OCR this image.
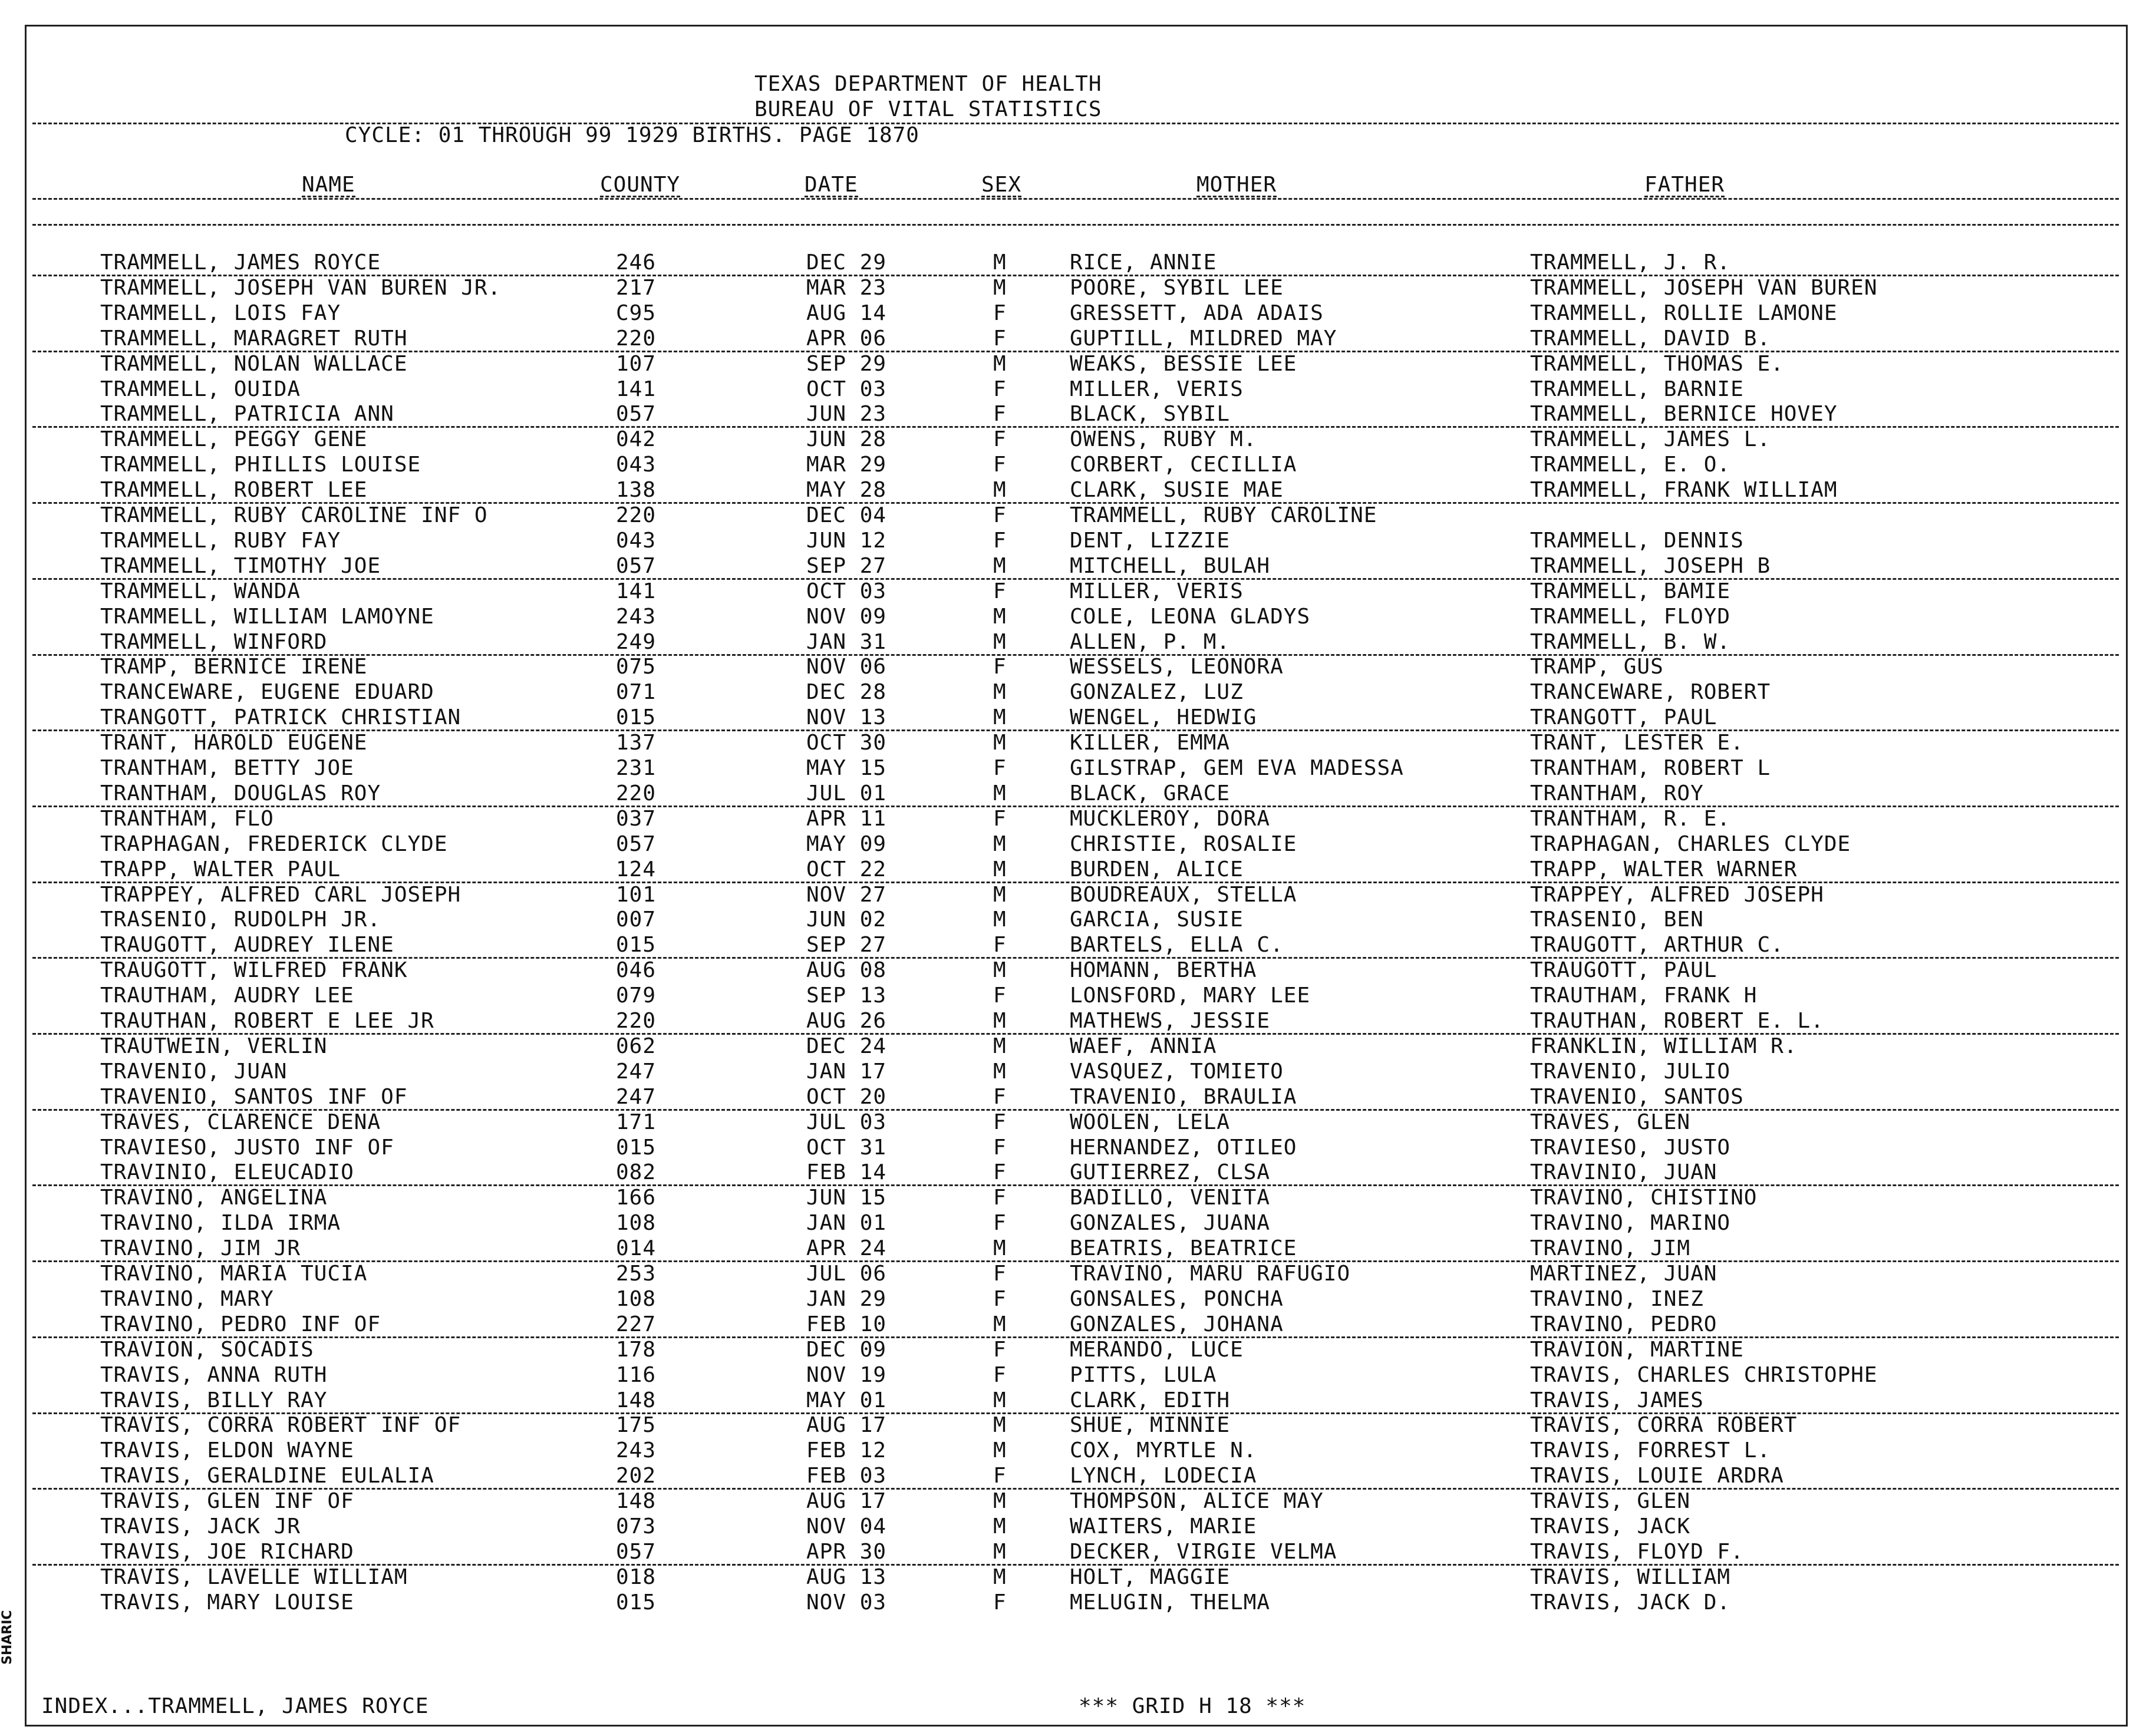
TEXAS DEPARTMENT OF HEALTH
BUREAU OF VITAL STATISTICS
CYCLE: 01 THROUGH 99 1929 BIRTHS. PAGE 1870
NAME	COUNTY	DATE	SEX	MOTHER	FATHER
TRAMMELL, JAMES ROYCE	246	DEC 29	M	RICE, ANNIE	TRAMMELL, J. R.
TRAMMELL, JOSEPH VAN BUREN JR.	217	MAR 23	M	POORE, SYBIL LEE	TRAMMELL, JOSEPH VAN BUREN
TRAMMELL, LOIS FAY	C95	AUG 14	F	GRESSETT, ADA ADAIS	TRAMMELL, ROLLIE LAMONE
TRAMMELL, MARAGRET RUTH	220	APR 06	F	GUPTILL, MILDRED MAY	TRAMMELL, DAVID B.
TRAMMELL, NOLAN WALLACE	107	SEP 29	M	WEAKS, BESSIE LEE	TRAMMELL, THOMAS E.
TRAMMELL, OUIDA	141	OCT 03	F	MILLER, VERIS	TRAMMELL, BARNIE
TRAMMELL, PATRICIA ANN	057	JUN 23	F	BLACK, SYBIL	TRAMMELL, BERNICE HOVEY
TRAMMELL, PEGGY GENE	042	JUN 28	F	OWENS, RUBY M.	TRAMMELL, JAMES L.
TRAMMELL, PHILLIS LOUISE	043	MAR 29	F	CORBERT, CECILLIA	TRAMMELL, E. O.
TRAMMELL, ROBERT LEE	138	MAY 28	M	CLARK, SUSIE MAE	TRAMMELL, FRANK WILLIAM
TRAMMELL, RUBY CAROLINE INF O	220	DEC 04	F	TRAMMELL, RUBY CAROLINE
TRAMMELL, RUBY FAY	043	JUN 12	F	DENT, LIZZIE	TRAMMELL, DENNIS
TRAMMELL, TIMOTHY JOE	057	SEP 27	M	MITCHELL, BULAH	TRAMMELL, JOSEPH B
TRAMMELL, WANDA	141	OCT 03	F	MILLER, VERIS	TRAMMELL, BAMIE
TRAMMELL, WILLIAM LAMOYNE	243	NOV 09	M	COLE, LEONA GLADYS	TRAMMELL, FLOYD
TRAMMELL, WINFORD	249	JAN 31	M	ALLEN, P. M.	TRAMMELL, B. W.
TRAMP, BERNICE IRENE	075	NOV 06	F	WESSELS, LEONORA	TRAMP, GUS
TRANCEWARE, EUGENE EDUARD	071	DEC 28	M	GONZALEZ, LUZ	TRANCEWARE, ROBERT
TRANGOTT, PATRICK CHRISTIAN	015	NOV 13	M	WENGEL, HEDWIG	TRANGOTT, PAUL
TRANT, HAROLD EUGENE	137	OCT 30	M	KILLER, EMMA	TRANT, LESTER E.
TRANTHAM, BETTY JOE	231	MAY 15	F	GILSTRAP, GEM EVA MADESSA	TRANTHAM, ROBERT L
TRANTHAM, DOUGLAS ROY	220	JUL 01	M	BLACK, GRACE	TRANTHAM, ROY
TRANTHAM, FLO	037	APR 11	F	MUCKLEROY, DORA	TRANTHAM, R. E.
TRAPHAGAN, FREDERICK CLYDE	057	MAY 09	M	CHRISTIE, ROSALIE	TRAPHAGAN, CHARLES CLYDE
TRAPP, WALTER PAUL	124	OCT 22	M	BURDEN, ALICE	TRAPP, WALTER WARNER
TRAPPEY, ALFRED CARL JOSEPH	101	NOV 27	M	BOUDREAUX, STELLA	TRAPPEY, ALFRED JOSEPH
TRASENIO, RUDOLPH JR.	007	JUN 02	M	GARCIA, SUSIE	TRASENIO, BEN
TRAUGOTT, AUDREY ILENE	015	SEP 27	F	BARTELS, ELLA C.	TRAUGOTT, ARTHUR C.
TRAUGOTT, WILFRED FRANK	046	AUG 08	M	HOMANN, BERTHA	TRAUGOTT, PAUL
TRAUTHAM, AUDRY LEE	079	SEP 13	F	LONSFORD, MARY LEE	TRAUTHAM, FRANK H
TRAUTHAN, ROBERT E LEE JR	220	AUG 26	M	MATHEWS, JESSIE	TRAUTHAN, ROBERT E. L.
TRAUTWEIN, VERLIN	062	DEC 24	M	WAEF, ANNIA	FRANKLIN, WILLIAM R.
TRAVENIO, JUAN	247	JAN 17	M	VASQUEZ, TOMIETO	TRAVENIO, JULIO
TRAVENIO, SANTOS INF OF	247	OCT 20	F	TRAVENIO, BRAULIA	TRAVENIO, SANTOS
TRAVES, CLARENCE DENA	171	JUL 03	F	WOOLEN, LELA	TRAVES, GLEN
TRAVIESO, JUSTO INF OF	015	OCT 31	F	HERNANDEZ, OTILEO	TRAVIESO, JUSTO
TRAVINIO, ELEUCADIO	082	FEB 14	F	GUTIERREZ, CLSA	TRAVINIO, JUAN
TRAVINO, ANGELINA	166	JUN 15	F	BADILLO, VENITA	TRAVINO, CHISTINO
TRAVINO, ILDA IRMA	108	JAN 01	F	GONZALES, JUANA	TRAVINO, MARINO
TRAVINO, JIM JR	014	APR 24	M	BEATRIS, BEATRICE	TRAVINO, JIM
TRAVINO, MARIA TUCIA	253	JUL 06	F	TRAVINO, MARU RAFUGIO	MARTINEZ, JUAN
TRAVINO, MARY	108	JAN 29	F	GONSALES, PONCHA	TRAVINO, INEZ
TRAVINO, PEDRO INF OF	227	FEB 10	M	GONZALES, JOHANA	TRAVINO, PEDRO
TRAVION, SOCADIS	178	DEC 09	F	MERANDO, LUCE	TRAVION, MARTINE
TRAVIS, ANNA RUTH	116	NOV 19	F	PITTS, LULA	TRAVIS, CHARLES CHRISTOPHE
TRAVIS, BILLY RAY	148	MAY 01	M	CLARK, EDITH	TRAVIS, JAMES
TRAVIS, CORRA ROBERT INF OF	175	AUG 17	M	SHUE, MINNIE	TRAVIS, CORRA ROBERT
TRAVIS, ELDON WAYNE	243	FEB 12	M	COX, MYRTLE N.	TRAVIS, FORREST L.
TRAVIS, GERALDINE EULALIA	202	FEB 03	F	LYNCH, LODECIA	TRAVIS, LOUIE ARDRA
TRAVIS, GLEN INF OF	148	AUG 17	M	THOMPSON, ALICE MAY	TRAVIS, GLEN
TRAVIS, JACK JR	073	NOV 04	M	WAITERS, MARIE	TRAVIS, JACK
TRAVIS, JOE RICHARD	057	APR 30	M	DECKER, VIRGIE VELMA	TRAVIS, FLOYD F.
TRAVIS, LAVELLE WILLIAM	018	AUG 13	M	HOLT, MAGGIE	TRAVIS, WILLIAM
TRAVIS, MARY LOUISE	015	NOV 03	F	MELUGIN, THELMA	TRAVIS, JACK D.
INDEX...TRAMMELL, JAMES ROYCE	*** GRID H 18 ***
SHARIC
